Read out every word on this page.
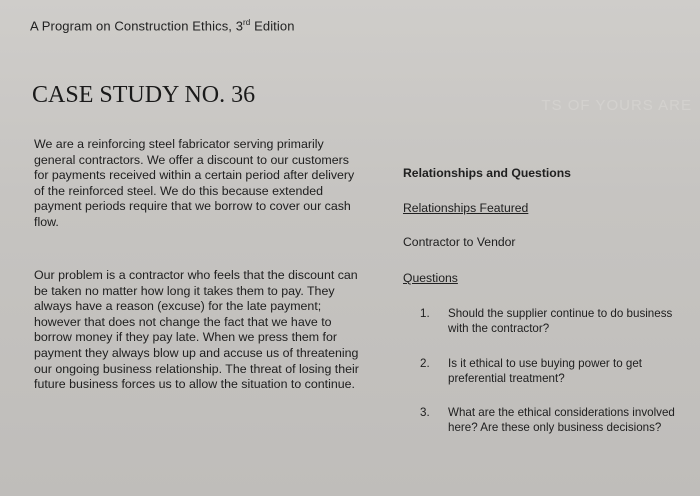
A Program on Construction Ethics, 3rd Edition
CASE STUDY NO. 36	TS OF YOURS ARE
We are a reinforcing steel fabricator serving primarily general contractors. We offer a discount to our customers for payments received within a certain period after delivery of the reinforced steel. We do this because extended payment periods require that we borrow to cover our cash flow.
Our problem is a contractor who feels that the discount can be taken no matter how long it takes them to pay. They always have a reason (excuse) for the late payment; however that does not change the fact that we have to borrow money if they pay late. When we press them for payment they always blow up and accuse us of threatening our ongoing business relationship. The threat of losing their future business forces us to allow the situation to continue.
Relationships and Questions
Relationships Featured
Contractor to Vendor
Questions
1.	Should the supplier continue to do business with the contractor?
2.	Is it ethical to use buying power to get preferential treatment?
3.	What are the ethical considerations involved here? Are these only business decisions?
